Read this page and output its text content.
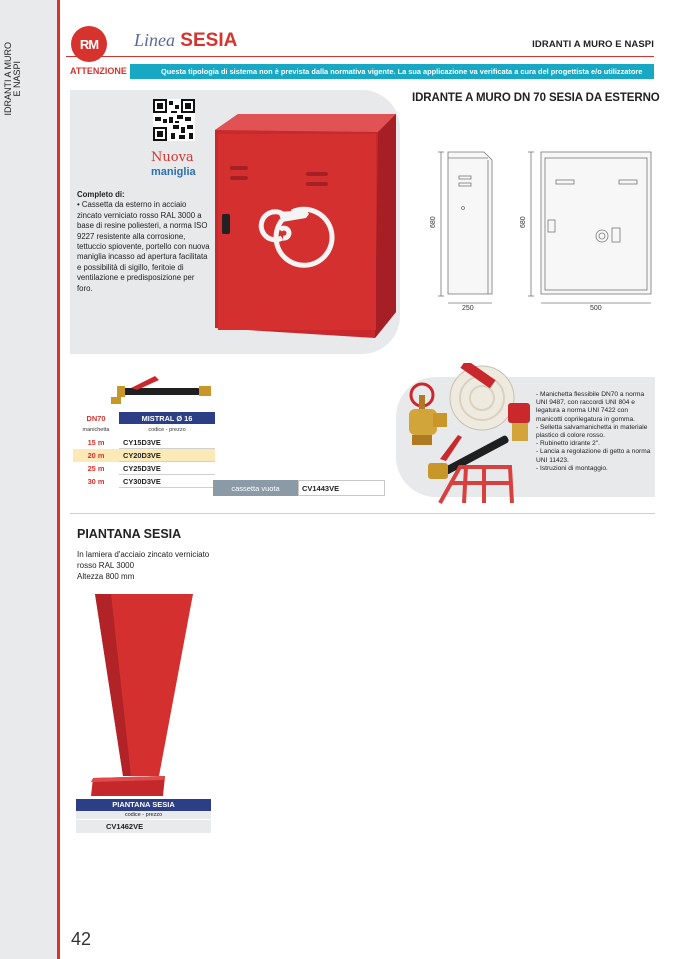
IDRANTI A MURO E NASPI
RM	Linea SESIA	IDRANTI A MURO E NASPI
ATTENZIONE	Questa tipologia di sistema non è prevista dalla normativa vigente. La sua applicazione va verificata a cura del progettista e/o utilizzatore
Nuova
maniglia
Completo di:
• Cassetta da esterno in acciaio zincato verniciato rosso RAL 3000 a base di resine poliesteri, a norma ISO 9227 resistente alla corrosione, tettuccio spiovente, portello con nuova maniglia incasso ad apertura facilitata e possibilità di sigillo, feritoie di ventilazione e predisposizione per foro.
IDRANTE A MURO DN 70 SESIA DA ESTERNO
680	680
250	500
DN70	MISTRAL Ø 16
manichetta	codice - prezzo
15 m	CY15D3VE
20 m	CY20D3VE
25 m	CY25D3VE
30 m	CY30D3VE
cassetta vuota	CV1443VE
- Manichetta flessibile DN70 a norma UNI 9487, con raccordi UNI 804 e legatura a norma UNI 7422 con manicotti coprilegatura in gomma.
- Selletta salvamanichetta in materiale plastico di colore rosso.
- Rubinetto idrante 2".
- Lancia a regolazione di getto a norma UNI 11423.
- Istruzioni di montaggio.
PIANTANA SESIA
In lamiera d'acciaio zincato verniciato
rosso RAL 3000
Altezza 800 mm
PIANTANA SESIA
codice - prezzo
CV1462VE
42
